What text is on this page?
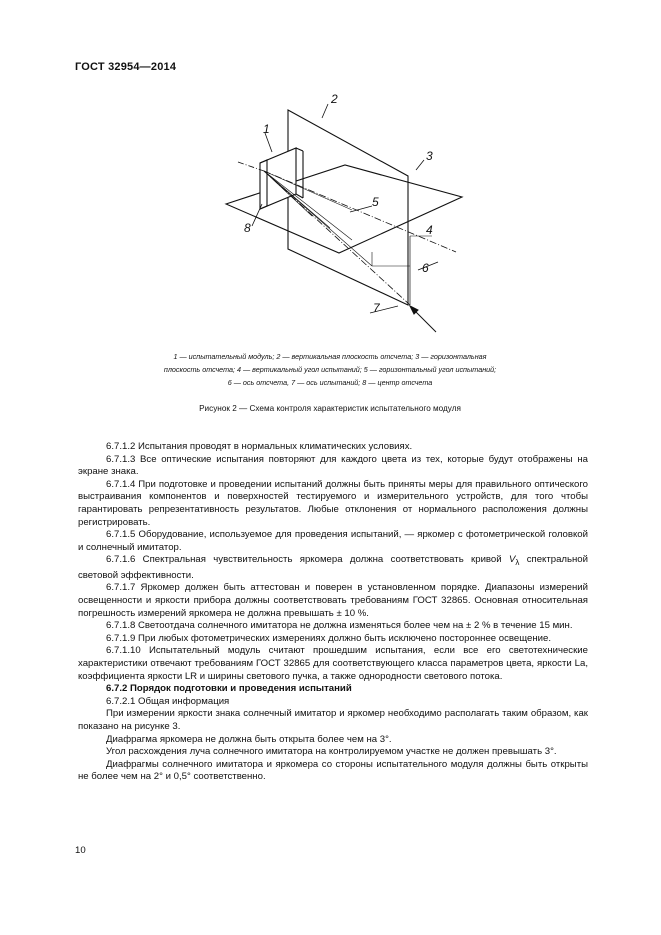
ГОСТ 32954—2014
2
1
3
5
4
8
6
7
1 — испытательный модуль; 2 — вертикальная плоскость отсчета; 3 — горизонтальная
плоскость отсчета; 4 — вертикальный угол испытаний; 5 — горизонтальный угол испытаний;
6 — ось отсчета, 7 — ось испытаний; 8 — центр отсчета
Рисунок 2 — Схема контроля характеристик испытательного модуля

6.7.1.2 Испытания проводят в нормальных климатических условиях.

6.7.1.3 Все оптические испытания повторяют для каждого цвета из тех, которые будут отображены на экране знака.

6.7.1.4 При подготовке и проведении испытаний должны быть приняты меры для правильного оптического выстраивания компонентов и поверхностей тестируемого и измерительного устройств, для того чтобы гарантировать репрезентативность результатов. Любые отклонения от нормального расположения должны регистрировать.

6.7.1.5 Оборудование, используемое для проведения испытаний, — яркомер с фотометрической головкой и солнечный имитатор.

6.7.1.6 Спектральная чувствительность яркомера должна соответствовать кривой $V_\lambda$ спектральной световой эффективности.

6.7.1.7 Яркомер должен быть аттестован и поверен в установленном порядке. Диапазоны измерений освещенности и яркости прибора должны соответствовать требованиям ГОСТ 32865. Основная относительная погрешность измерений яркомера не должна превышать ± 10 %.

6.7.1.8 Светоотдача солнечного имитатора не должна изменяться более чем на ± 2 % в течение 15 мин.

6.7.1.9 При любых фотометрических измерениях должно быть исключено постороннее освещение.

6.7.1.10 Испытательный модуль считают прошедшим испытания, если все его светотехнические характеристики отвечают требованиям ГОСТ 32865 для соответствующего класса параметров цвета, яркости La, коэффициента яркости LR и ширины светового пучка, а также однородности светового потока.

6.7.2 Порядок подготовки и проведения испытаний

6.7.2.1 Общая информация

При измерении яркости знака солнечный имитатор и яркомер необходимо располагать таким образом, как показано на рисунке 3.

Диафрагма яркомера не должна быть открыта более чем на 3°.

Угол расхождения луча солнечного имитатора на контролируемом участке не должен превышать 3°.

Диафрагмы солнечного имитатора и яркомера со стороны испытательного модуля должны быть открыты не более чем на 2° и 0,5° соответственно.

10
